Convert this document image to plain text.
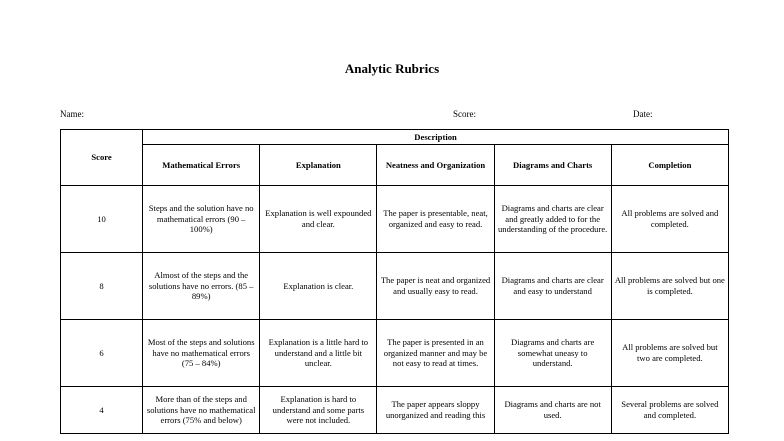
Analytic Rubrics
Name:	Score:	Date:
Score	Description				
	Mathematical Errors	Explanation	Neatness and Organization	Diagrams and Charts	Completion
10	Steps and the solution have no mathematical errors (90 – 100%)	Explanation is well expounded and clear.	The paper is presentable, neat, organized and easy to read.	Diagrams and charts are clear and greatly added to for the understanding of the procedure.	All problems are solved and completed.
8	Almost of the steps and the solutions have no errors. (85 – 89%)	Explanation is clear.	The paper is neat and organized and usually easy to read.	Diagrams and charts are clear and easy to understand	All problems are solved but one is completed.
6	Most of the steps and solutions have no mathematical errors (75 – 84%)	Explanation is a little hard to understand and a little bit unclear.	The paper is presented in an organized manner and may be not easy to read at times.	Diagrams and charts are somewhat uneasy to understand.	All problems are solved but two are completed.
4	More than of the steps and solutions have no mathematical errors (75% and below)	Explanation is hard to understand and some parts were not included.	The paper appears sloppy unorganized and reading this	Diagrams and charts are not used.	Several problems are solved and completed.
